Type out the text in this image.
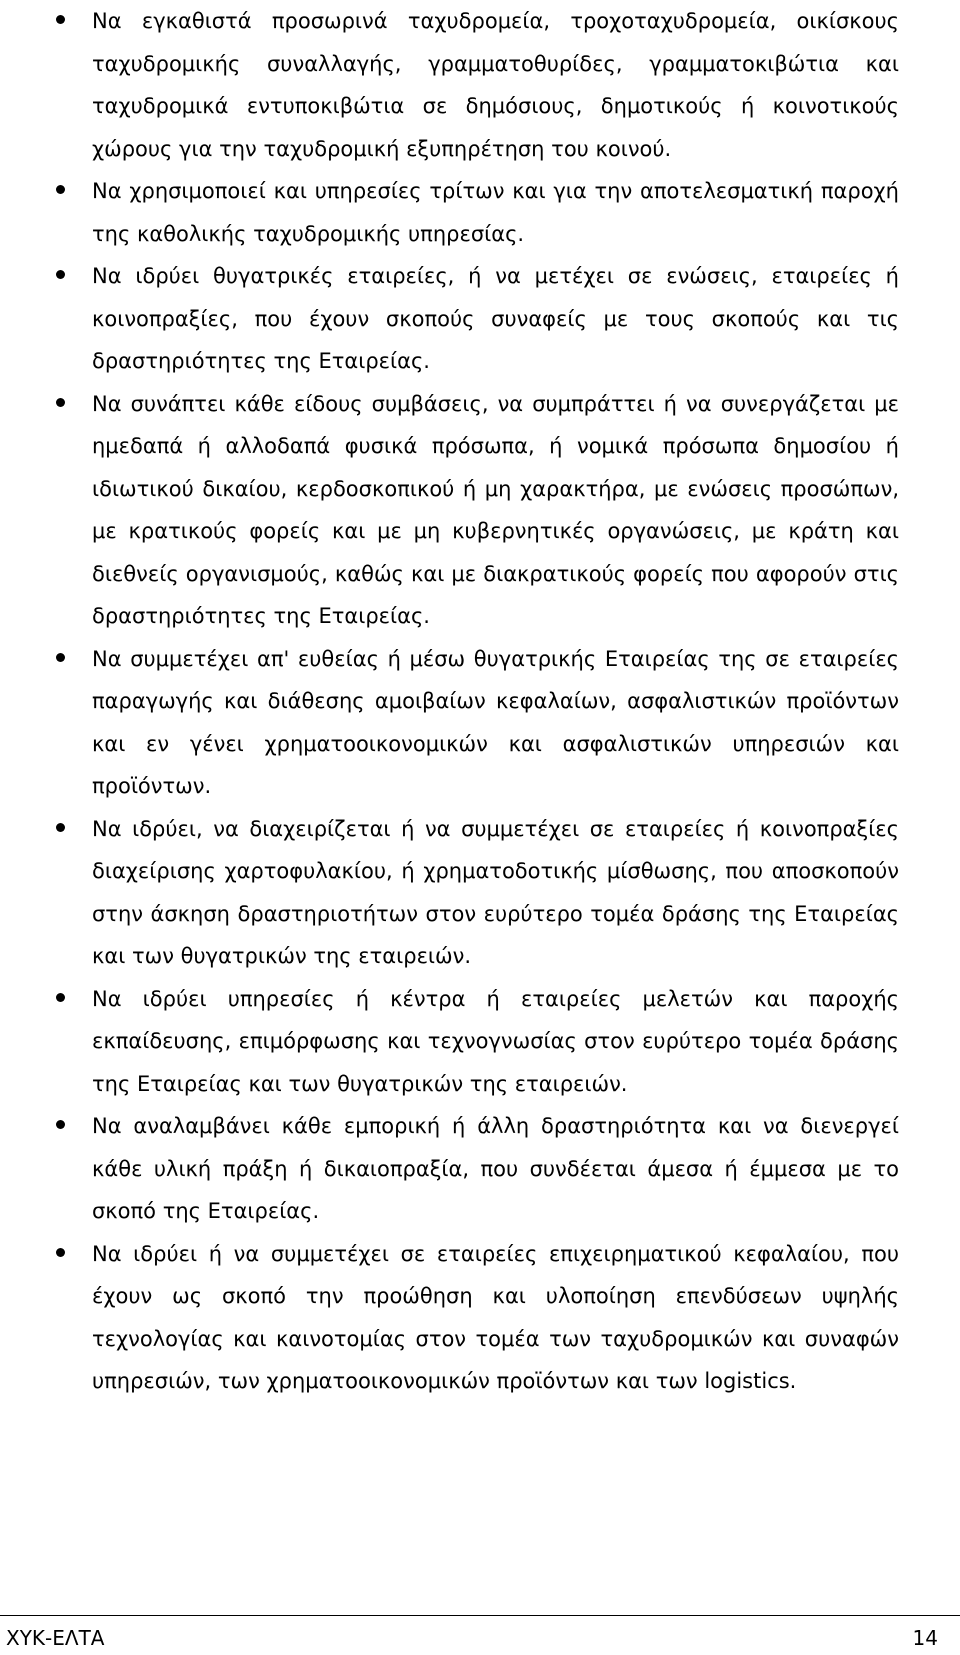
Να εγκαθιστά προσωρινά ταχυδρομεία, τροχοταχυδρομεία, οικίσκους ταχυδρομικής συναλλαγής, γραμματοθυρίδες, γραμματοκιβώτια και ταχυδρομικά εντυποκιβώτια σε δημόσιους, δημοτικούς ή κοινοτικούς χώρους για την ταχυδρομική εξυπηρέτηση του κοινού.
Να χρησιμοποιεί και υπηρεσίες τρίτων και για την αποτελεσματική παροχή της καθολικής ταχυδρομικής υπηρεσίας.
Να ιδρύει θυγατρικές εταιρείες, ή να μετέχει σε ενώσεις, εταιρείες ή κοινοπραξίες, που έχουν σκοπούς συναφείς με τους σκοπούς και τις δραστηριότητες της Εταιρείας.
Να συνάπτει κάθε είδους συμβάσεις, να συμπράττει ή να συνεργάζεται με ημεδαπά ή αλλοδαπά φυσικά πρόσωπα, ή νομικά πρόσωπα δημοσίου ή ιδιωτικού δικαίου, κερδοσκοπικού ή μη χαρακτήρα, με ενώσεις προσώπων, με κρατικούς φορείς και με μη κυβερνητικές οργανώσεις, με κράτη και διεθνείς οργανισμούς, καθώς και με διακρατικούς φορείς που αφορούν στις δραστηριότητες της Εταιρείας.
Να συμμετέχει απ' ευθείας ή μέσω θυγατρικής Εταιρείας της σε εταιρείες παραγωγής και διάθεσης αμοιβαίων κεφαλαίων, ασφαλιστικών προϊόντων και εν γένει χρηματοοικονομικών και ασφαλιστικών υπηρεσιών και προϊόντων.
Να ιδρύει, να διαχειρίζεται ή να συμμετέχει σε εταιρείες ή κοινοπραξίες διαχείρισης χαρτοφυλακίου, ή χρηματοδοτικής μίσθωσης, που αποσκοπούν στην άσκηση δραστηριοτήτων στον ευρύτερο τομέα δράσης της Εταιρείας και των θυγατρικών της εταιρειών.
Να ιδρύει υπηρεσίες ή κέντρα ή εταιρείες μελετών και παροχής εκπαίδευσης, επιμόρφωσης και τεχνογνωσίας στον ευρύτερο τομέα δράσης της Εταιρείας και των θυγατρικών της εταιρειών.
Να αναλαμβάνει κάθε εμπορική ή άλλη δραστηριότητα και να διενεργεί κάθε υλική πράξη ή δικαιοπραξία, που συνδέεται άμεσα ή έμμεσα με το σκοπό της Εταιρείας.
Να ιδρύει ή να συμμετέχει σε εταιρείες επιχειρηματικού κεφαλαίου, που έχουν ως σκοπό την προώθηση και υλοποίηση επενδύσεων υψηλής τεχνολογίας και καινοτομίας στον τομέα των ταχυδρομικών και συναφών υπηρεσιών, των χρηματοοικονομικών προϊόντων και των logistics.
ΧΥΚ-ΕΛΤΑ	14
